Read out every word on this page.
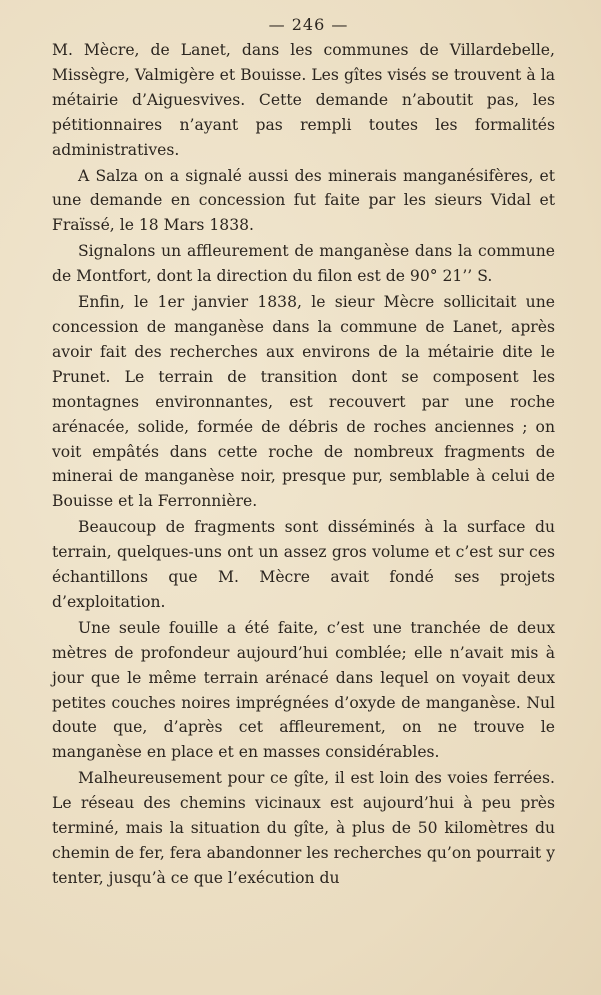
— 246 —

M. Mècre, de Lanet, dans les communes de Villardebelle, Missègre, Valmigère et Bouisse. Les gîtes visés se trouvent à la métairie d’Aiguesvives. Cette demande n’aboutit pas, les pétitionnaires n’ayant pas rempli toutes les formalités administratives.

A Salza on a signalé aussi des minerais manganésifères, et une demande en concession fut faite par les sieurs Vidal et Fraïssé, le 18 Mars 1838.

Signalons un affleurement de manganèse dans la commune de Montfort, dont la direction du filon est de 90° 21’’ S.

Enfin, le 1er janvier 1838, le sieur Mècre sollicitait une concession de manganèse dans la commune de Lanet, après avoir fait des recherches aux environs de la métairie dite le Prunet. Le terrain de transition dont se composent les montagnes environnantes, est recouvert par une roche arénacée, solide, formée de débris de roches anciennes ; on voit empâtés dans cette roche de nombreux fragments de minerai de manganèse noir, presque pur, semblable à celui de Bouisse et la Ferronnière.

Beaucoup de fragments sont disséminés à la surface du terrain, quelques-uns ont un assez gros volume et c’est sur ces échantillons que M. Mècre avait fondé ses projets d’exploitation.

Une seule fouille a été faite, c’est une tranchée de deux mètres de profondeur aujourd’hui comblée; elle n’avait mis à jour que le même terrain arénacé dans lequel on voyait deux petites couches noires imprégnées d’oxyde de manganèse. Nul doute que, d’après cet affleurement, on ne trouve le manganèse en place et en masses considérables.

Malheureusement pour ce gîte, il est loin des voies ferrées. Le réseau des chemins vicinaux est aujourd’hui à peu près terminé, mais la situation du gîte, à plus de 50 kilomètres du chemin de fer, fera abandonner les recherches qu’on pourrait y tenter, jusqu’à ce que l’exécution du
